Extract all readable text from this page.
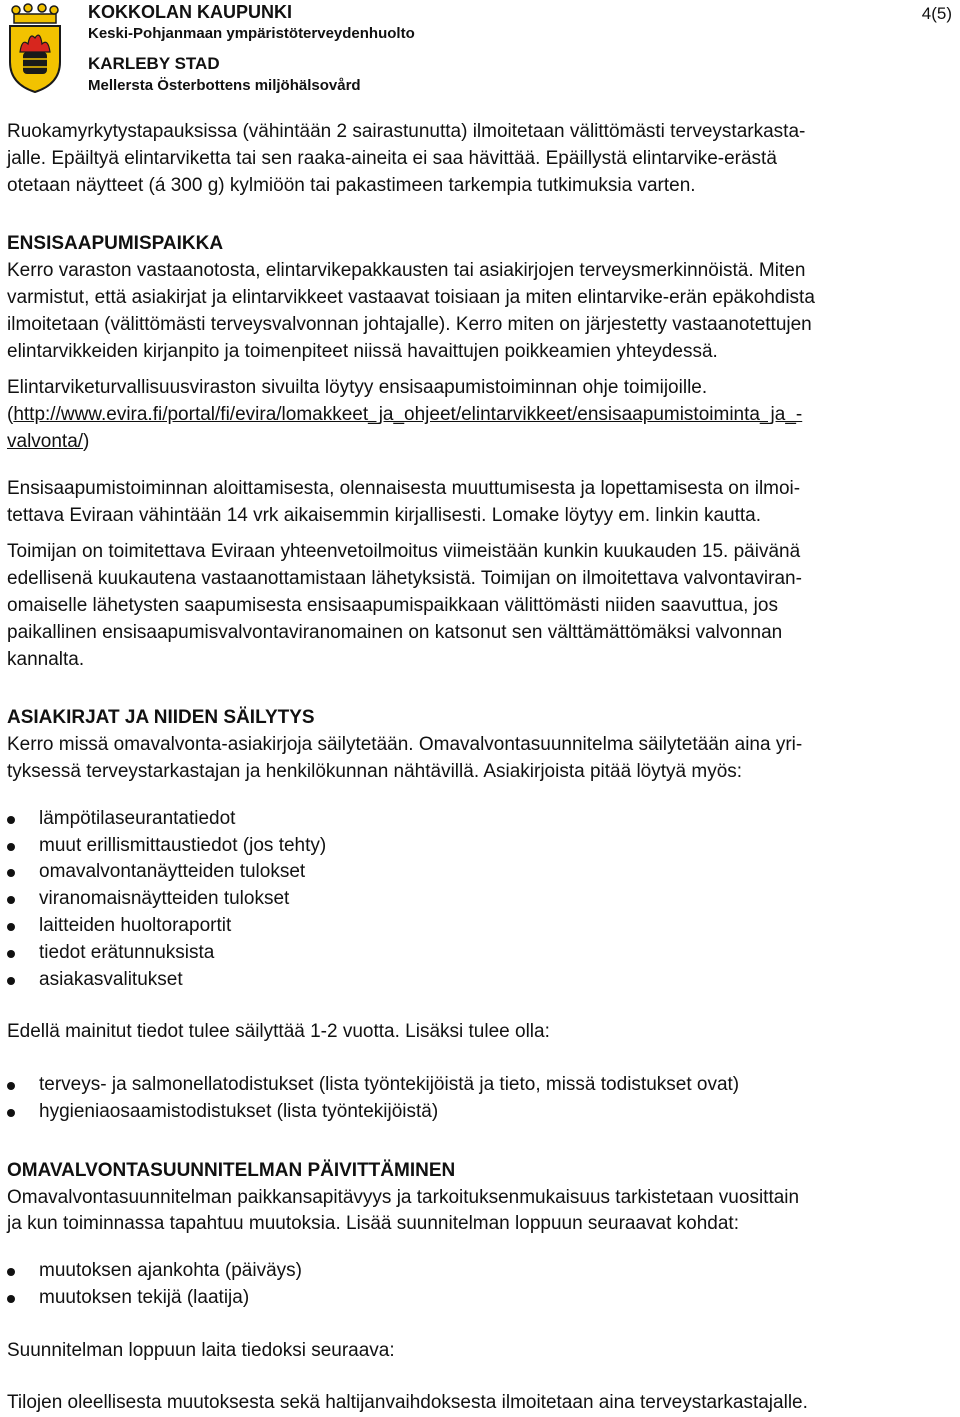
KOKKOLAN KAUPUNKI
Keski-Pohjanmaan ympäristöterveydenhuolto
KARLEBY STAD
Mellersta Österbottens miljöhälsovård
4(5)

Ruokamyrkytystapauksissa (vähintään 2 sairastunutta) ilmoitetaan välittömästi terveystarkasta-
jalle. Epäiltyä elintarviketta tai sen raaka-aineita ei saa hävittää. Epäillystä elintarvike-erästä
otetaan näytteet (á 300 g) kylmiöön tai pakastimeen tarkempia tutkimuksia varten.

ENSISAAPUMISPAIKKA

Kerro varaston vastaanotosta, elintarvikepakkausten tai asiakirjojen terveysmerkinnöistä. Miten
varmistut, että asiakirjat ja elintarvikkeet vastaavat toisiaan ja miten elintarvike-erän epäkohdista
ilmoitetaan (välittömästi terveysvalvonnan johtajalle). Kerro miten on järjestetty vastaanotettujen
elintarvikkeiden kirjanpito ja toimenpiteet niissä havaittujen poikkeamien yhteydessä.

Elintarviketurvallisuusviraston sivuilta löytyy ensisaapumistoiminnan ohje toimijoille.
(http://www.evira.fi/portal/fi/evira/lomakkeet_ja_ohjeet/elintarvikkeet/ensisaapumistoiminta_ja_-
valvonta/)

Ensisaapumistoiminnan aloittamisesta, olennaisesta muuttumisesta ja lopettamisesta on ilmoi-
tettava Eviraan vähintään 14 vrk aikaisemmin kirjallisesti. Lomake löytyy em. linkin kautta.

Toimijan on toimitettava Eviraan yhteenvetoilmoitus viimeistään kunkin kuukauden 15. päivänä
edellisenä kuukautena vastaanottamistaan lähetyksistä. Toimijan on ilmoitettava valvontaviran-
omaiselle lähetysten saapumisesta ensisaapumispaikkaan välittömästi niiden saavuttua, jos
paikallinen ensisaapumisvalvontaviranomainen on katsonut sen välttämättömäksi valvonnan
kannalta.

ASIAKIRJAT JA NIIDEN SÄILYTYS

Kerro missä omavalvonta-asiakirjoja säilytetään. Omavalvontasuunnitelma säilytetään aina yri-
tyksessä terveystarkastajan ja henkilökunnan nähtävillä. Asiakirjoista pitää löytyä myös:

lämpötilaseurantatiedot
muut erillismittaustiedot (jos tehty)
omavalvontanäytteiden tulokset
viranomaisnäytteiden tulokset
laitteiden huoltoraportit
tiedot erätunnuksista
asiakasvalitukset

Edellä mainitut tiedot tulee säilyttää 1-2 vuotta. Lisäksi tulee olla:

terveys- ja salmonellatodistukset (lista työntekijöistä ja tieto, missä todistukset ovat)
hygieniaosaamistodistukset (lista työntekijöistä)
OMAVALVONTASUUNNITELMAN PÄIVITTÄMINEN

Omavalvontasuunnitelman paikkansapitävyys ja tarkoituksenmukaisuus tarkistetaan vuosittain
ja kun toiminnassa tapahtuu muutoksia. Lisää suunnitelman loppuun seuraavat kohdat:

muutoksen ajankohta (päiväys)
muutoksen tekijä (laatija)

Suunnitelman loppuun laita tiedoksi seuraava:

Tilojen oleellisesta muutoksesta sekä haltijanvaihdoksesta ilmoitetaan aina terveystarkastajalle.
